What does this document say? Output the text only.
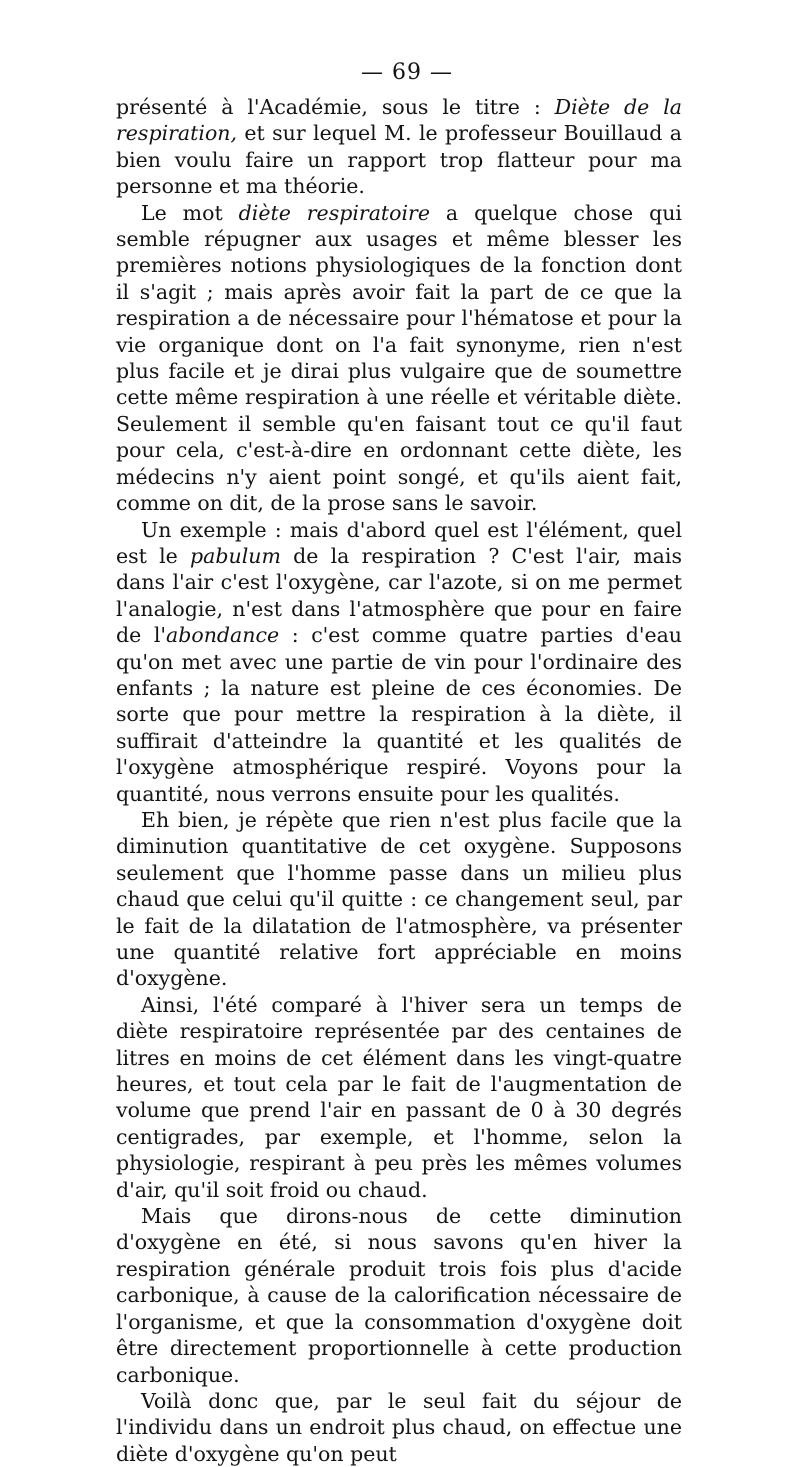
— 69 —

présenté à l'Académie, sous le titre : Diète de la respiration, et sur lequel M. le professeur Bouillaud a bien voulu faire un rapport trop flatteur pour ma personne et ma théorie.

Le mot diète respiratoire a quelque chose qui semble répugner aux usages et même blesser les premières notions physiologiques de la fonction dont il s'agit ; mais après avoir fait la part de ce que la respiration a de nécessaire pour l'hématose et pour la vie organique dont on l'a fait synonyme, rien n'est plus facile et je dirai plus vulgaire que de soumettre cette même respiration à une réelle et véritable diète. Seulement il semble qu'en faisant tout ce qu'il faut pour cela, c'est-à-dire en ordonnant cette diète, les médecins n'y aient point songé, et qu'ils aient fait, comme on dit, de la prose sans le savoir.

Un exemple : mais d'abord quel est l'élément, quel est le pabulum de la respiration ? C'est l'air, mais dans l'air c'est l'oxygène, car l'azote, si on me permet l'analogie, n'est dans l'atmosphère que pour en faire de l'abondance : c'est comme quatre parties d'eau qu'on met avec une partie de vin pour l'ordinaire des enfants ; la nature est pleine de ces économies. De sorte que pour mettre la respiration à la diète, il suffirait d'atteindre la quantité et les qualités de l'oxygène atmosphérique respiré. Voyons pour la quantité, nous verrons ensuite pour les qualités.

Eh bien, je répète que rien n'est plus facile que la diminution quantitative de cet oxygène. Supposons seulement que l'homme passe dans un milieu plus chaud que celui qu'il quitte : ce changement seul, par le fait de la dilatation de l'atmosphère, va présenter une quantité relative fort appréciable en moins d'oxygène.

Ainsi, l'été comparé à l'hiver sera un temps de diète respiratoire représentée par des centaines de litres en moins de cet élément dans les vingt-quatre heures, et tout cela par le fait de l'augmentation de volume que prend l'air en passant de 0 à 30 degrés centigrades, par exemple, et l'homme, selon la physiologie, respirant à peu près les mêmes volumes d'air, qu'il soit froid ou chaud.

Mais que dirons-nous de cette diminution d'oxygène en été, si nous savons qu'en hiver la respiration générale produit trois fois plus d'acide carbonique, à cause de la calorification nécessaire de l'organisme, et que la consommation d'oxygène doit être directement proportionnelle à cette production carbonique.

Voilà donc que, par le seul fait du séjour de l'individu dans un endroit plus chaud, on effectue une diète d'oxygène qu'on peut
